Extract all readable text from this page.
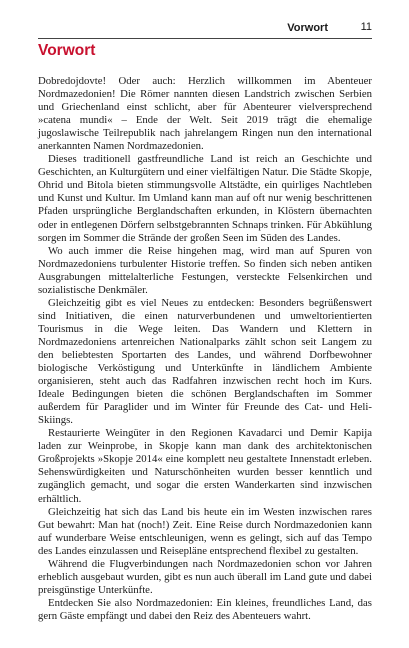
Vorwort	11
Vorwort

Dobredojdovte! Oder auch: Herzlich willkommen im Abenteuer Nordmazedonien! Die Römer nannten diesen Landstrich zwischen Serbien und Griechenland einst schlicht, aber für Abenteurer vielversprechend »catena mundi« – Ende der Welt. Seit 2019 trägt die ehemalige jugoslawische Teilrepublik nach jahrelangem Ringen nun den international anerkannten Namen Nordmazedonien.

Dieses traditionell gastfreundliche Land ist reich an Geschichte und Geschichten, an Kulturgütern und einer vielfältigen Natur. Die Städte Skopje, Ohrid und Bitola bieten stimmungsvolle Altstädte, ein quirliges Nachtleben und Kunst und Kultur. Im Umland kann man auf oft nur wenig beschrittenen Pfaden ursprüngliche Berglandschaften erkunden, in Klöstern übernachten oder in entlegenen Dörfern selbstgebrannten Schnaps trinken. Für Abkühlung sorgen im Sommer die Strände der großen Seen im Süden des Landes.

Wo auch immer die Reise hingehen mag, wird man auf Spuren von Nordmazedoniens turbulenter Historie treffen. So finden sich neben antiken Ausgrabungen mittelalterliche Festungen, versteckte Felsenkirchen und sozialistische Denkmäler.

Gleichzeitig gibt es viel Neues zu entdecken: Besonders begrüßenswert sind Initiativen, die einen naturverbundenen und umweltorientierten Tourismus in die Wege leiten. Das Wandern und Klettern in Nordmazedoniens artenreichen Nationalparks zählt schon seit Langem zu den beliebtesten Sportarten des Landes, und während Dorfbewohner biologische Verköstigung und Unterkünfte in ländlichem Ambiente organisieren, steht auch das Radfahren inzwischen recht hoch im Kurs. Ideale Bedingungen bieten die schönen Berglandschaften im Sommer außerdem für Paraglider und im Winter für Freunde des Cat- und Heli-Skiings.

Restaurierte Weingüter in den Regionen Kavadarci und Demir Kapija laden zur Weinprobe, in Skopje kann man dank des architektonischen Großprojekts »Skopje 2014« eine komplett neu gestaltete Innenstadt erleben. Sehenswürdigkeiten und Naturschönheiten wurden besser kenntlich und zugänglich gemacht, und sogar die ersten Wanderkarten sind inzwischen erhältlich.

Gleichzeitig hat sich das Land bis heute ein im Westen inzwischen rares Gut bewahrt: Man hat (noch!) Zeit. Eine Reise durch Nordmazedonien kann auf wunderbare Weise entschleunigen, wenn es gelingt, sich auf das Tempo des Landes einzulassen und Reisepläne entsprechend flexibel zu gestalten.

Während die Flugverbindungen nach Nordmazedonien schon vor Jahren erheblich ausgebaut wurden, gibt es nun auch überall im Land gute und dabei preisgünstige Unterkünfte.

Entdecken Sie also Nordmazedonien: Ein kleines, freundliches Land, das gern Gäste empfängt und dabei den Reiz des Abenteuers wahrt.
